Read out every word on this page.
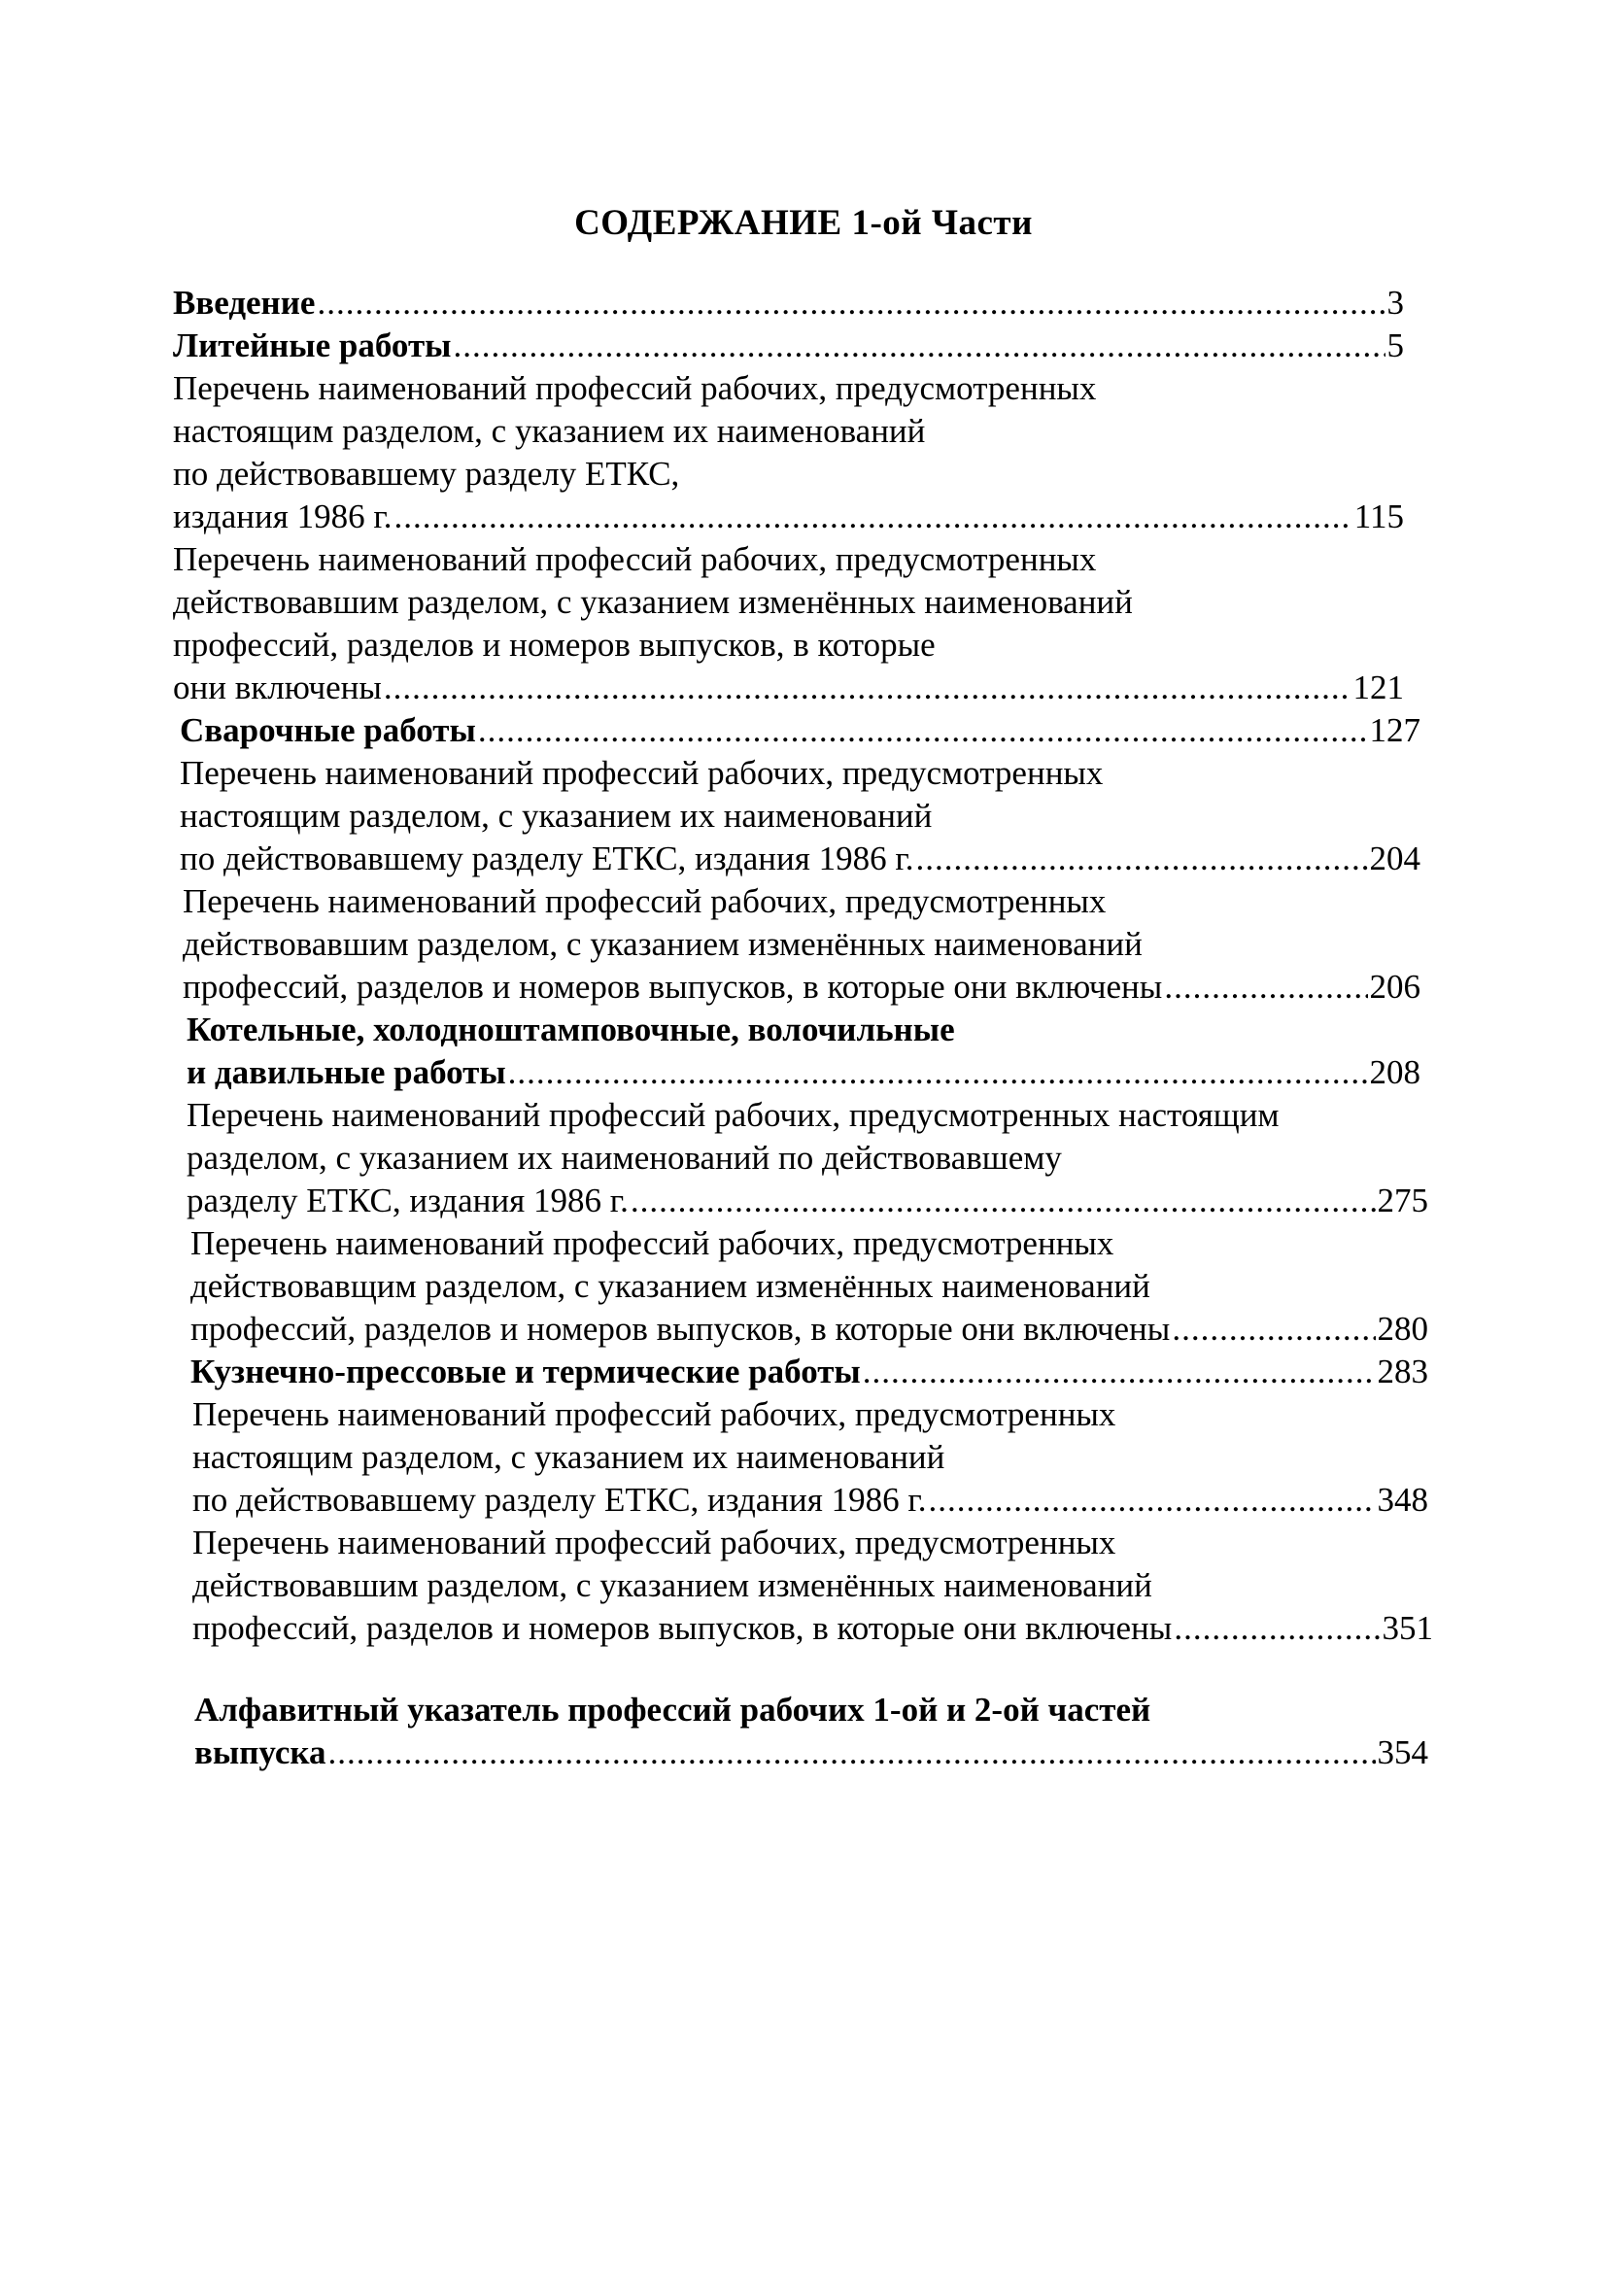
СОДЕРЖАНИЕ 1-ой Части
Введение .....	3
Литейные работы .....	5
Перечень наименований профессий рабочих, предусмотренных
настоящим разделом, с указанием их наименований
по действовавшему разделу ЕТКС,
издания 1986 г. .....	115
Перечень наименований профессий рабочих, предусмотренных
действовавшим разделом, с указанием изменённых наименований
профессий, разделов и номеров выпусков, в которые
они включены .....	121
Сварочные работы .....	127
Перечень наименований профессий рабочих, предусмотренных
настоящим разделом, с указанием их наименований
по действовавшему разделу ЕТКС, издания 1986 г. .....	204
Перечень наименований профессий рабочих, предусмотренных
действовавшим разделом, с указанием изменённых наименований
профессий, разделов и номеров выпусков, в которые они включены .....	206
Котельные, холодноштамповочные, волочильные
и давильные работы .....	208
Перечень наименований профессий рабочих, предусмотренных настоящим
разделом, с указанием их наименований по действовавшему
разделу ЕТКС, издания 1986 г. .....	275
Перечень наименований профессий рабочих, предусмотренных
действовавщим разделом, с указанием изменённых наименований
профессий, разделов и номеров выпусков, в которые они включены .....	280
Кузнечно-прессовые и термические работы .....	283
Перечень наименований профессий рабочих, предусмотренных
настоящим разделом, с указанием их наименований
по действовавшему разделу ЕТКС, издания 1986 г. .....	348
Перечень наименований профессий рабочих, предусмотренных
действовавшим разделом, с указанием изменённых наименований
профессий, разделов и номеров выпусков, в которые они включены .....	351
Алфавитный указатель профессий рабочих 1-ой и 2-ой частей
выпуска .....	354
